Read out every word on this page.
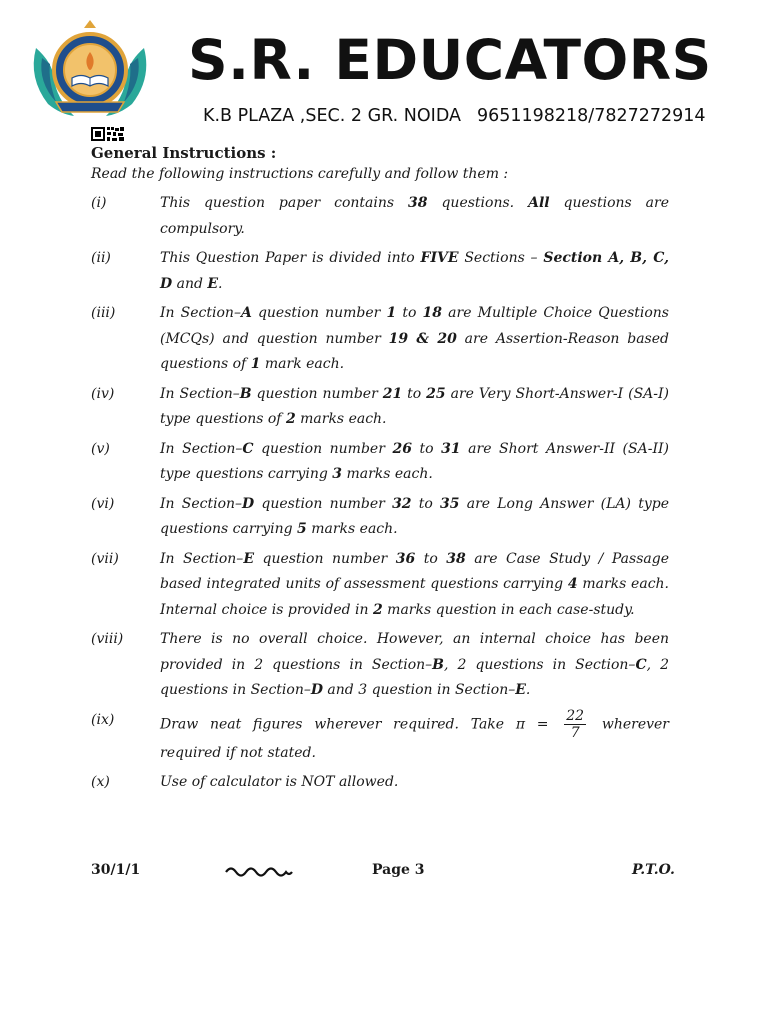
S.R. EDUCATORS
K.B PLAZA ,SEC. 2 GR. NOIDA 9651198218/7827272914
General Instructions :
Read the following instructions carefully and follow them :
(i)	This question paper contains 38 questions. All questions are compulsory.
(ii)	This Question Paper is divided into FIVE Sections – Section A, B, C, D and E.
(iii)	In Section–A question number 1 to 18 are Multiple Choice Questions (MCQs) and question number 19 & 20 are Assertion-Reason based questions of 1 mark each.
(iv)	In Section–B question number 21 to 25 are Very Short-Answer-I (SA-I) type questions of 2 marks each.
(v)	In Section–C question number 26 to 31 are Short Answer-II (SA-II) type questions carrying 3 marks each.
(vi)	In Section–D question number 32 to 35 are Long Answer (LA) type questions carrying 5 marks each.
(vii)	In Section–E question number 36 to 38 are Case Study / Passage based integrated units of assessment questions carrying 4 marks each. Internal choice is provided in 2 marks question in each case-study.
(viii)	There is no overall choice. However, an internal choice has been provided in 2 questions in Section–B, 2 questions in Section–C, 2 questions in Section–D and 3 question in Section–E.
(ix)	Draw neat figures wherever required. Take $\pi = \frac{22}{7}$ wherever required if not stated.
(x)	Use of calculator is NOT allowed.
30/1/1	Page 3	P.T.O.
